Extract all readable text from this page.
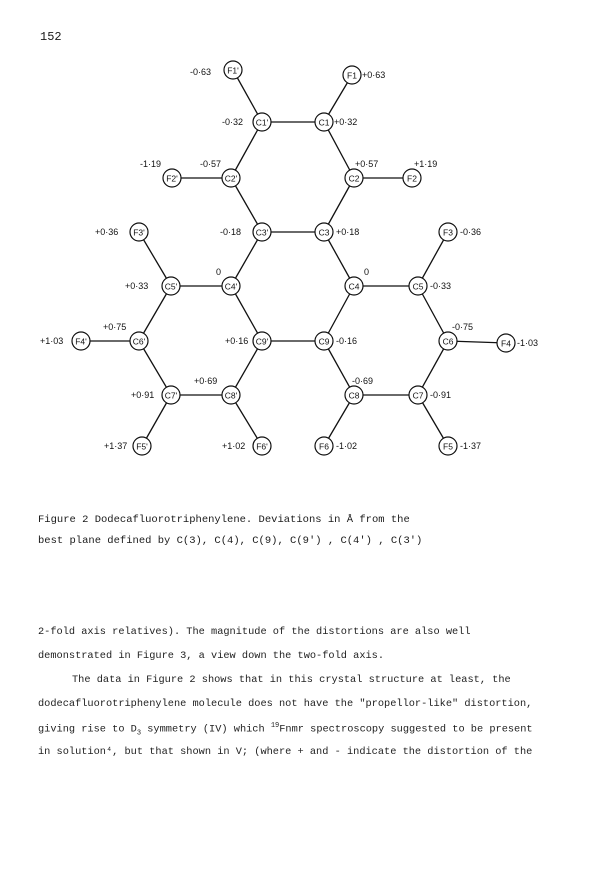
152
F1'
C1'	C1
F1
F2'	C2'	C2	F2
C3'	C3
F3'	F3
C5'	C4'	C4	C5
F4'	C6'	C9'	C9	C6	F4
C7'	C8'	C8	C7
F5'	F6'	F6	F5
-0·63	+0·63
-0·32	+0·32
-1·19	-0·57	+0·57	+1·19
+0·36	-0·18	+0·18	-0·36
0	0
+0·33	-0·33
+0·75
+1·03	+0·16	-0·16
-0·75
-1·03
+0·69	-0·69
+0·91	-0·91
+1·37	+1·02	-1·02	-1·37
Figure 2 Dodecafluorotriphenylene. Deviations in Å from the
best plane defined by C(3), C(4), C(9), C(9') , C(4') , C(3')
2-fold axis relatives). The magnitude of the distortions are also well
demonstrated in Figure 3, a view down the two-fold axis.
The data in Figure 2 shows that in this crystal structure at least, the
dodecafluorotriphenylene molecule does not have the "propellor-like" distortion,
giving rise to $D_3$ symmetry (IV) which $^{19}$Fnmr spectroscopy suggested to be present
in solution⁴, but that shown in V; (where + and - indicate the distortion of the
